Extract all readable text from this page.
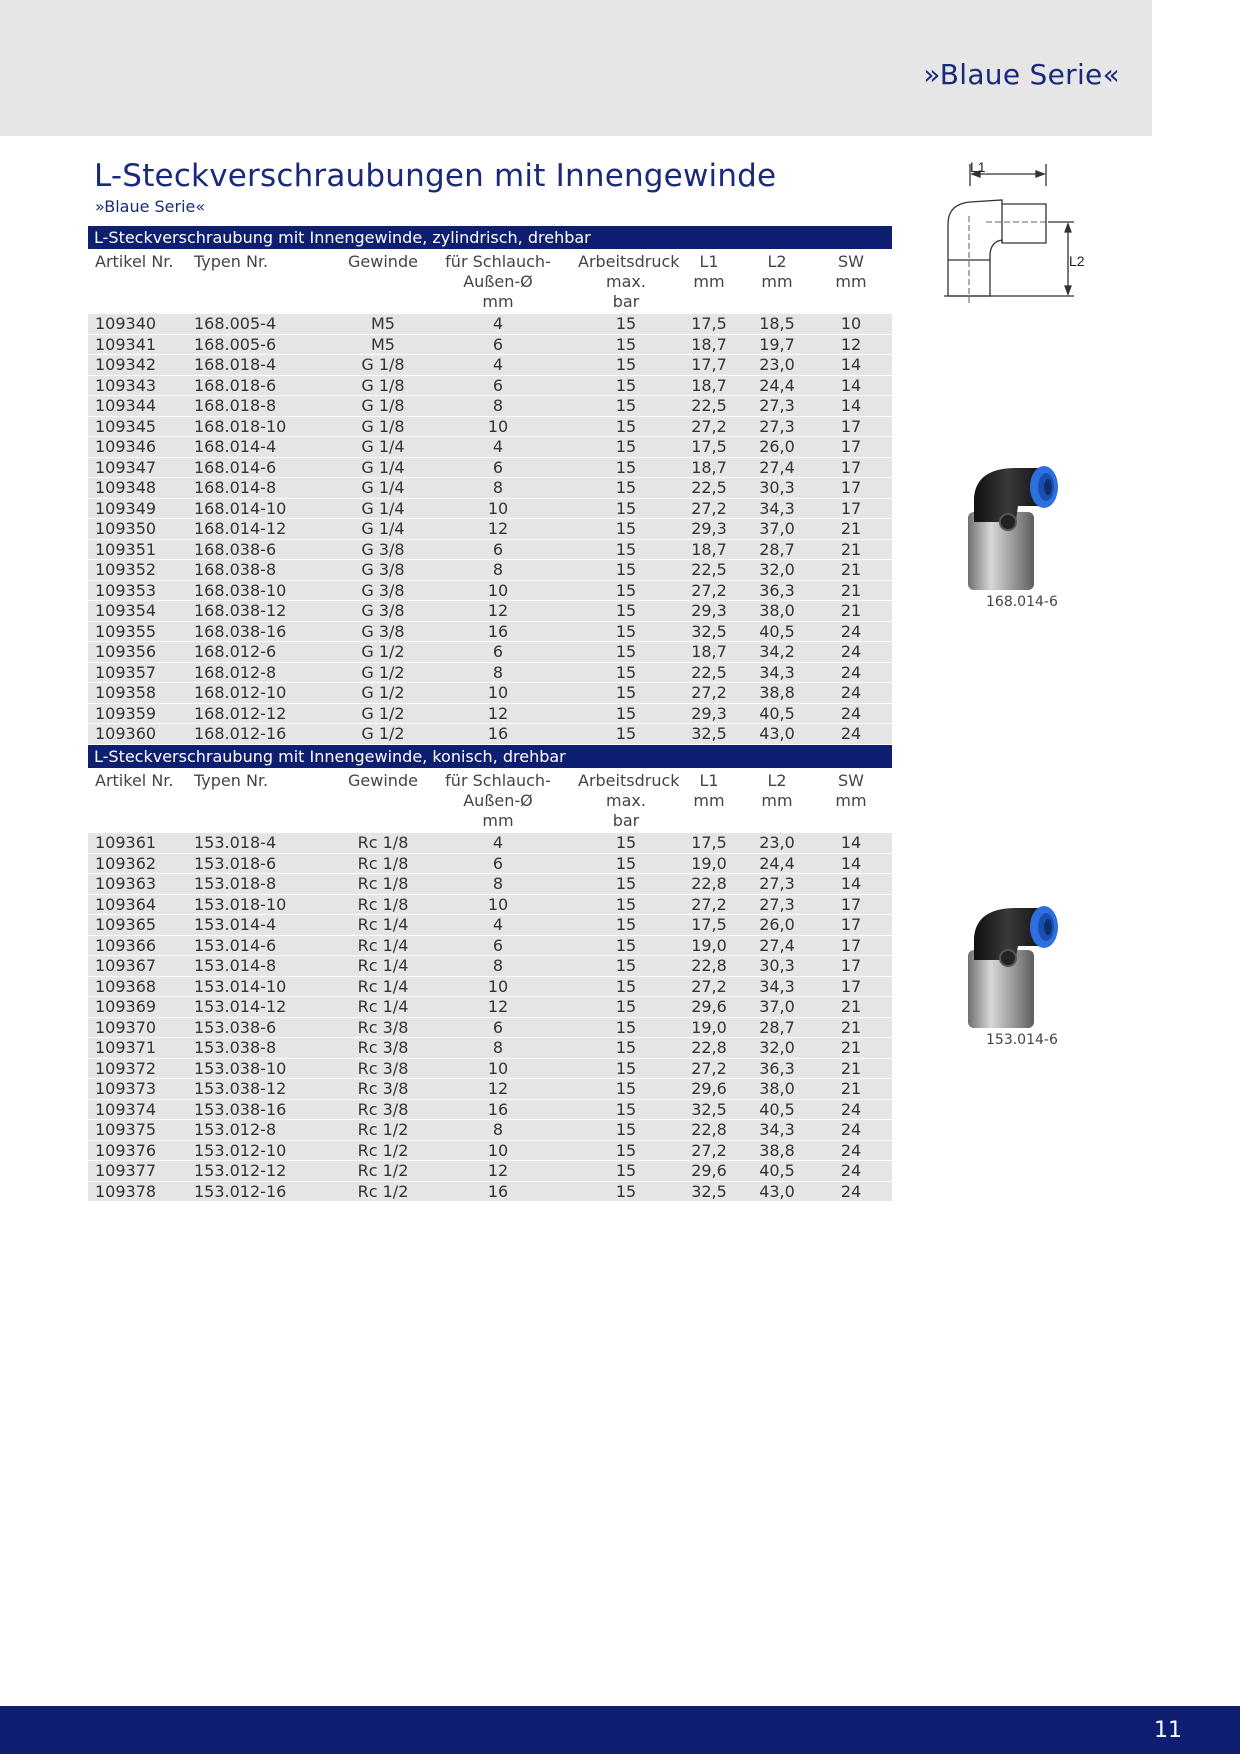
»Blaue Serie«
L-Steckverschraubungen mit Innengewinde
»Blaue Serie«
L-Steckverschraubung mit Innengewinde, zylindrisch, drehbar
Artikel Nr.	Typen Nr.	Gewinde	für Schlauch-
Außen-Ø
mm	Arbeitsdruck
max.
bar	L1
mm	L2
mm	SW
mm

109340	168.005-4	M5	4	15	17,5	18,5	10
109341	168.005-6	M5	6	15	18,7	19,7	12
109342	168.018-4	G 1/8	4	15	17,7	23,0	14
109343	168.018-6	G 1/8	6	15	18,7	24,4	14
109344	168.018-8	G 1/8	8	15	22,5	27,3	14
109345	168.018-10	G 1/8	10	15	27,2	27,3	17
109346	168.014-4	G 1/4	4	15	17,5	26,0	17
109347	168.014-6	G 1/4	6	15	18,7	27,4	17
109348	168.014-8	G 1/4	8	15	22,5	30,3	17
109349	168.014-10	G 1/4	10	15	27,2	34,3	17
109350	168.014-12	G 1/4	12	15	29,3	37,0	21
109351	168.038-6	G 3/8	6	15	18,7	28,7	21
109352	168.038-8	G 3/8	8	15	22,5	32,0	21
109353	168.038-10	G 3/8	10	15	27,2	36,3	21
109354	168.038-12	G 3/8	12	15	29,3	38,0	21
109355	168.038-16	G 3/8	16	15	32,5	40,5	24
109356	168.012-6	G 1/2	6	15	18,7	34,2	24
109357	168.012-8	G 1/2	8	15	22,5	34,3	24
109358	168.012-10	G 1/2	10	15	27,2	38,8	24
109359	168.012-12	G 1/2	12	15	29,3	40,5	24
109360	168.012-16	G 1/2	16	15	32,5	43,0	24
L-Steckverschraubung mit Innengewinde, konisch, drehbar
Artikel Nr.	Typen Nr.	Gewinde	für Schlauch-
Außen-Ø
mm	Arbeitsdruck
max.
bar	L1
mm	L2
mm	SW
mm

109361	153.018-4	Rc 1/8	4	15	17,5	23,0	14
109362	153.018-6	Rc 1/8	6	15	19,0	24,4	14
109363	153.018-8	Rc 1/8	8	15	22,8	27,3	14
109364	153.018-10	Rc 1/8	10	15	27,2	27,3	17
109365	153.014-4	Rc 1/4	4	15	17,5	26,0	17
109366	153.014-6	Rc 1/4	6	15	19,0	27,4	17
109367	153.014-8	Rc 1/4	8	15	22,8	30,3	17
109368	153.014-10	Rc 1/4	10	15	27,2	34,3	17
109369	153.014-12	Rc 1/4	12	15	29,6	37,0	21
109370	153.038-6	Rc 3/8	6	15	19,0	28,7	21
109371	153.038-8	Rc 3/8	8	15	22,8	32,0	21
109372	153.038-10	Rc 3/8	10	15	27,2	36,3	21
109373	153.038-12	Rc 3/8	12	15	29,6	38,0	21
109374	153.038-16	Rc 3/8	16	15	32,5	40,5	24
109375	153.012-8	Rc 1/2	8	15	22,8	34,3	24
109376	153.012-10	Rc 1/2	10	15	27,2	38,8	24
109377	153.012-12	Rc 1/2	12	15	29,6	40,5	24
109378	153.012-16	Rc 1/2	16	15	32,5	43,0	24
L1
L2
168.014-6
153.014-6
11
